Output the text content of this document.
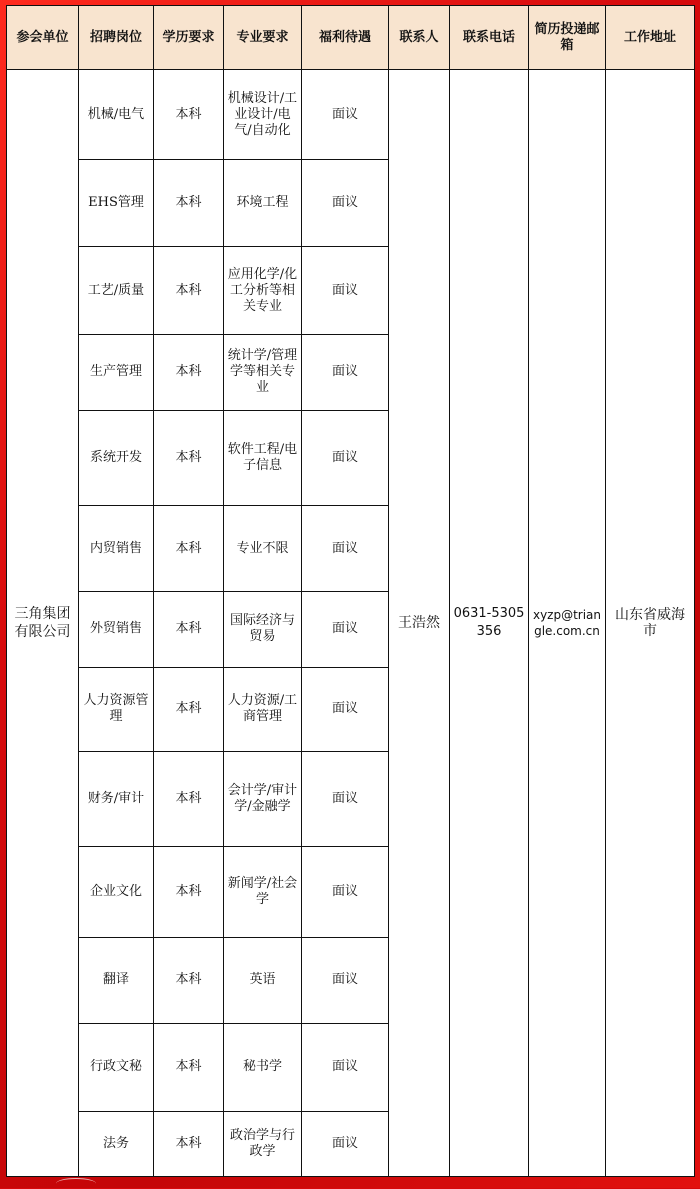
参会单位	招聘岗位	学历要求	专业要求	福利待遇	联系人	联系电话	简历投递邮箱	工作地址
三角集团有限公司	机械/电气	本科	机械设计/工业设计/电气/自动化	面议	王浩然	0631-5305356	xyzp@triangle.com.cn	山东省威海市
	EHS管理	本科	环境工程	面议				
	工艺/质量	本科	应用化学/化工分析等相关专业	面议				
	生产管理	本科	统计学/管理学等相关专业	面议				
	系统开发	本科	软件工程/电子信息	面议				
	内贸销售	本科	专业不限	面议				
	外贸销售	本科	国际经济与贸易	面议				
	人力资源管理	本科	人力资源/工商管理	面议				
	财务/审计	本科	会计学/审计学/金融学	面议				
	企业文化	本科	新闻学/社会学	面议				
	翻译	本科	英语	面议				
	行政文秘	本科	秘书学	面议				
	法务	本科	政治学与行政学	面议				
